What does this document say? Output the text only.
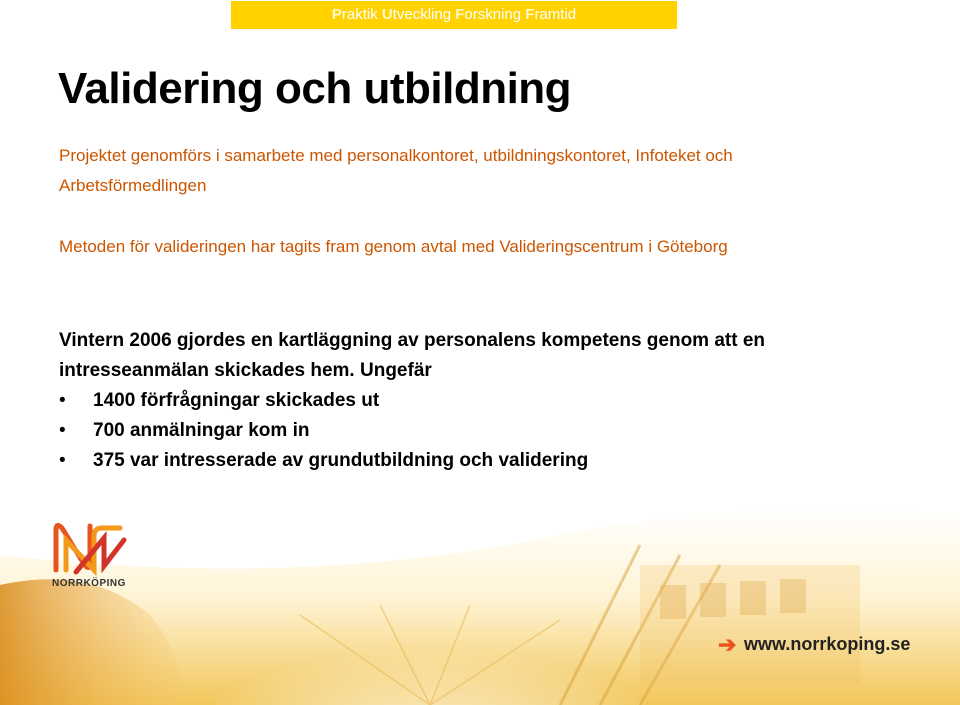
Praktik Utveckling Forskning Framtid
Validering och utbildning

Projektet genomförs i samarbete med personalkontoret, utbildningskontoret, Infoteket och Arbetsförmedlingen

Metoden för valideringen har tagits fram genom avtal med Valideringscentrum i Göteborg

Vintern 2006 gjordes en kartläggning av personalens kompetens genom att en intresseanmälan skickades hem. Ungefär

• 1400 förfrågningar skickades ut
• 700 anmälningar kom in
• 375 var intresserade av grundutbildning och validering
NORRKÖPING
➔ www.norrkoping.se
